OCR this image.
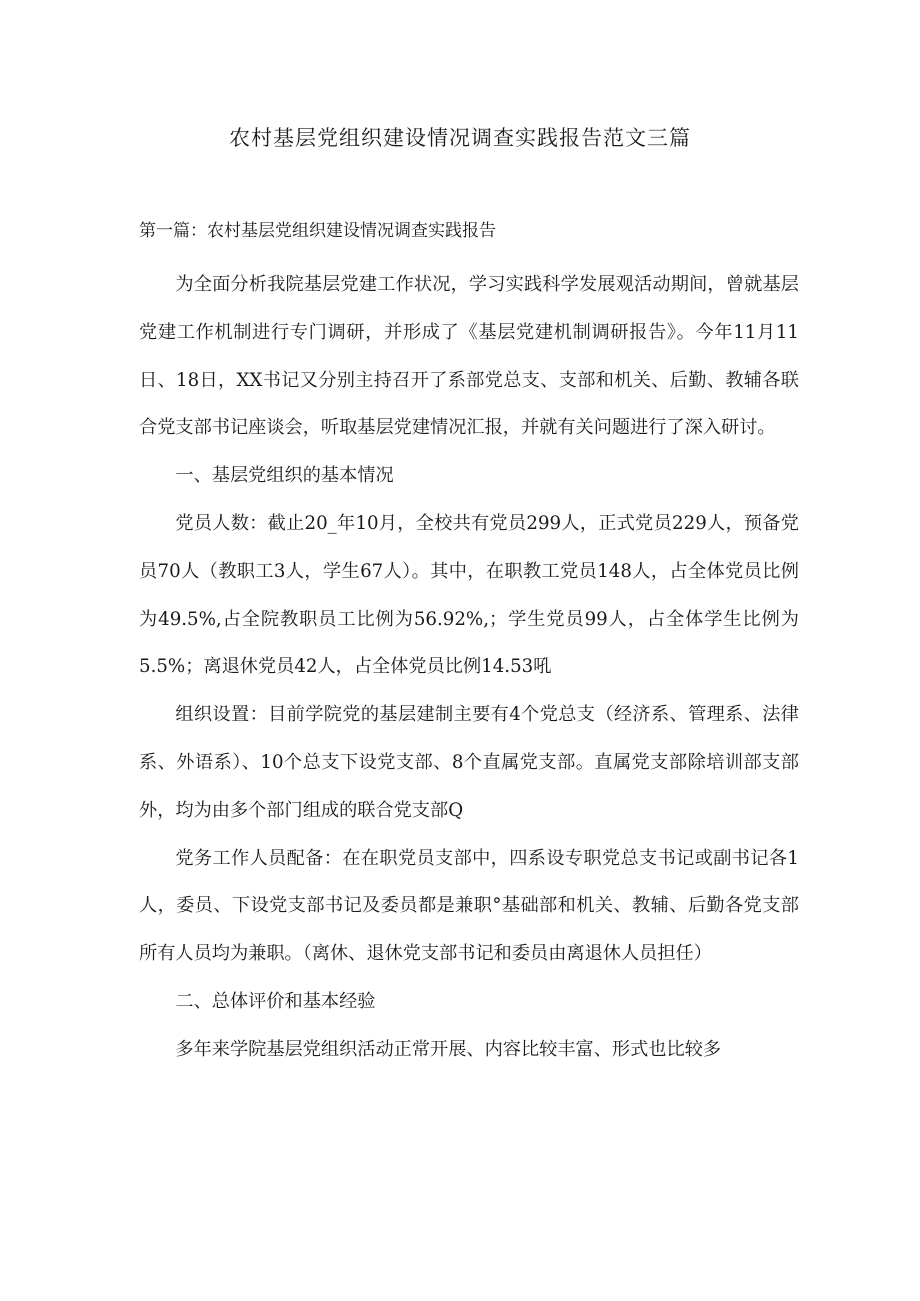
农村基层党组织建设情况调查实践报告范文三篇
第一篇：农村基层党组织建设情况调查实践报告

为全面分析我院基层党建工作状况，学习实践科学发展观活动期间，曾就基层党建工作机制进行专门调研，并形成了《基层党建机制调研报告》。今年11月11日、18日，XX书记又分别主持召开了系部党总支、支部和机关、后勤、教辅各联合党支部书记座谈会，听取基层党建情况汇报，并就有关问题进行了深入研讨。

一、基层党组织的基本情况

党员人数：截止20_年10月，全校共有党员299人，正式党员229人，预备党员70人（教职工3人，学生67人）。其中，在职教工党员148人，占全体党员比例为49.5%,占全院教职员工比例为56.92%,；学生党员99人，占全体学生比例为5.5%；离退休党员42人，占全体党员比例14.53吼

组织设置：目前学院党的基层建制主要有4个党总支（经济系、管理系、法律系、外语系）、10个总支下设党支部、8个直属党支部。直属党支部除培训部支部外，均为由多个部门组成的联合党支部Q

党务工作人员配备：在在职党员支部中，四系设专职党总支书记或副书记各1人，委员、下设党支部书记及委员都是兼职°基础部和机关、教辅、后勤各党支部所有人员均为兼职。（离休、退休党支部书记和委员由离退休人员担任）

二、总体评价和基本经验

多年来学院基层党组织活动正常开展、内容比较丰富、形式也比较多
